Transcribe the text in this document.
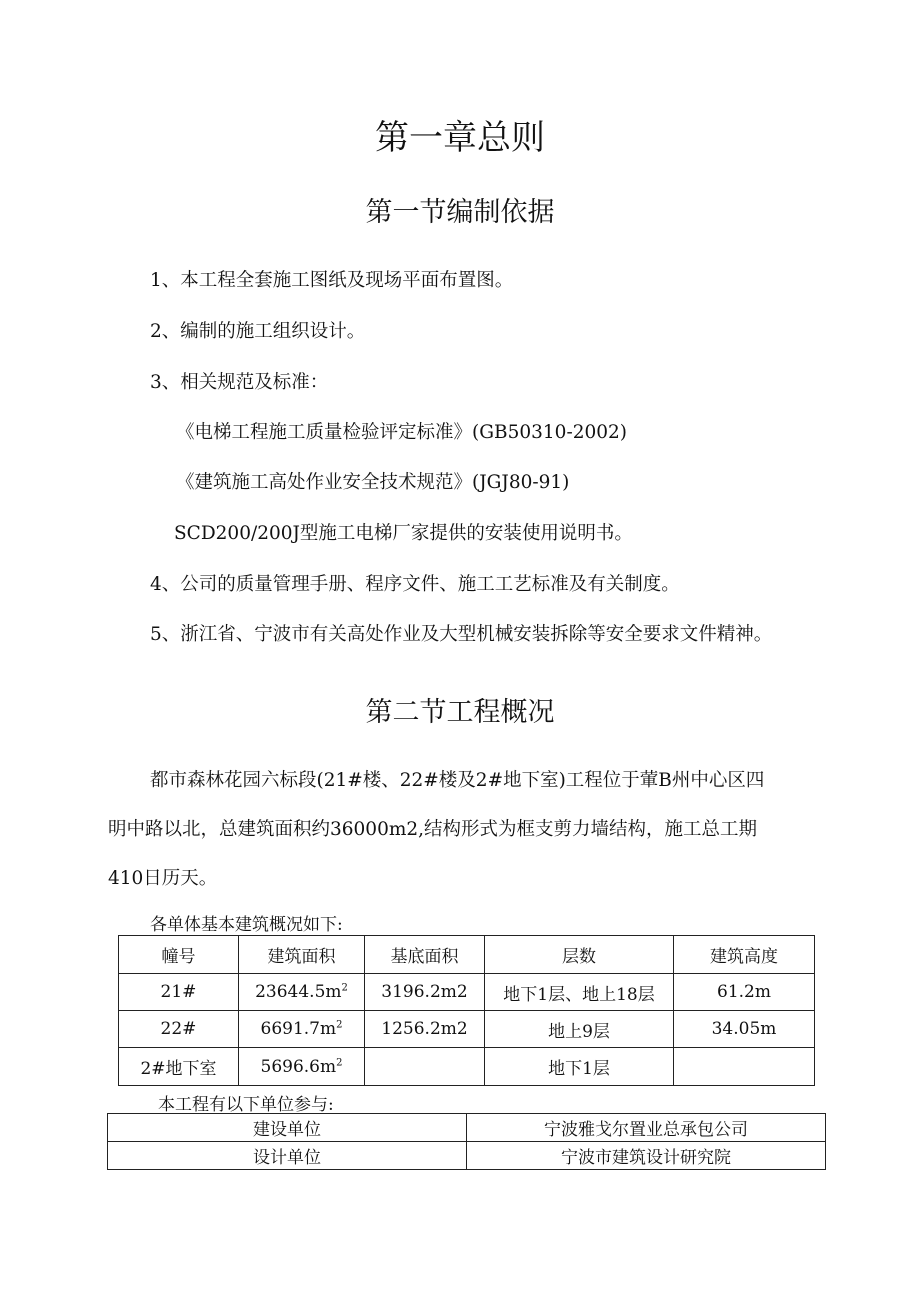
第一章总则
第一节编制依据
1、本工程全套施工图纸及现场平面布置图。
2、编制的施工组织设计。
3、相关规范及标准：
《电梯工程施工质量检验评定标准》(GB50310-2002)
《建筑施工高处作业安全技术规范》(JGJ80-91)
SCD200/200J型施工电梯厂家提供的安装使用说明书。
4、公司的质量管理手册、程序文件、施工工艺标准及有关制度。
5、浙江省、宁波市有关高处作业及大型机械安装拆除等安全要求文件精神。
第二节工程概况
都市森林花园六标段(21#楼、22#楼及2#地下室)工程位于葷B州中心区四
明中路以北，总建筑面积约36000m2,结构形式为框支剪力墙结构，施工总工期
410日历天。
各单体基本建筑概况如下:
幢号	建筑面积	基底面积	层数	建筑高度
21#	$23644.5m^2$	3196.2m2	地下1层、地上18层	61.2m
22#	$6691.7m^2$	1256.2m2	地上9层	34.05m
2#地下室	$5696.6m^2$		地下1层	
本工程有以下单位参与:
建设单位	宁波雅戈尔置业总承包公司
设计单位	宁波市建筑设计研究院
